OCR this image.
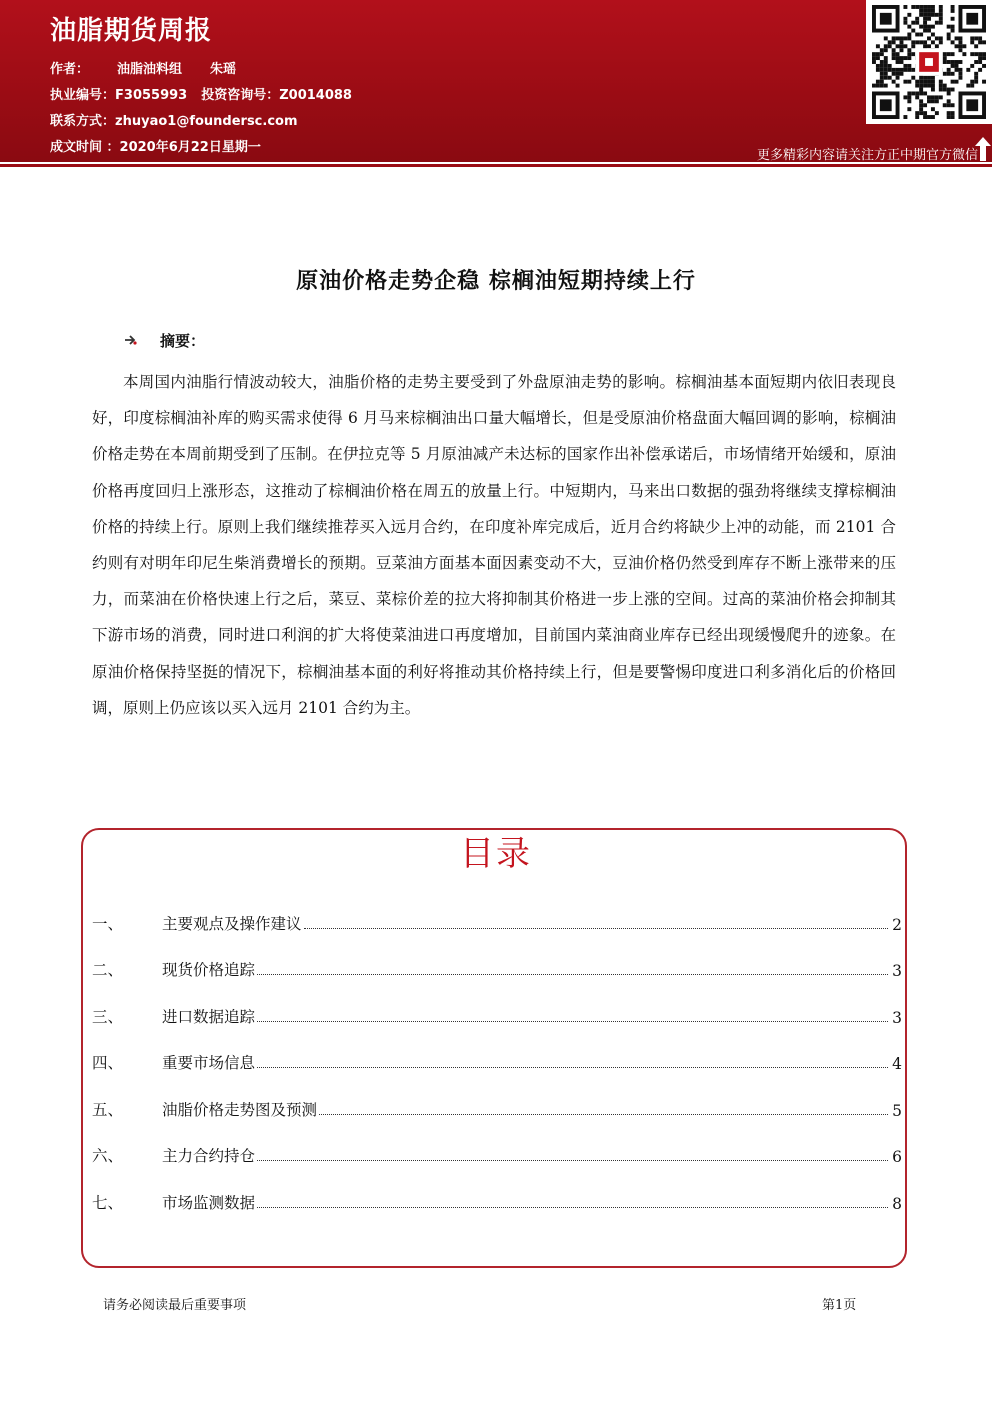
油脂期货周报
作者： 油脂油料组 朱瑶
执业编号：F3055993 投资咨询号：Z0014088
联系方式：zhuyao1@foundersc.com
成文时间 ：2020年6月22日星期一
更多精彩内容请关注方正中期官方微信
原油价格走势企稳 棕榈油短期持续上行
摘要：
本周国内油脂行情波动较大，油脂价格的走势主要受到了外盘原油走势的影响。棕榈油基本面短期内依旧表现良好，印度棕榈油补库的购买需求使得 6 月马来棕榈油出口量大幅增长，但是受原油价格盘面大幅回调的影响，棕榈油价格走势在本周前期受到了压制。在伊拉克等 5 月原油减产未达标的国家作出补偿承诺后，市场情绪开始缓和，原油价格再度回归上涨形态，这推动了棕榈油价格在周五的放量上行。中短期内，马来出口数据的强劲将继续支撑棕榈油价格的持续上行。原则上我们继续推荐买入远月合约，在印度补库完成后，近月合约将缺少上冲的动能，而 2101 合约则有对明年印尼生柴消费增长的预期。豆菜油方面基本面因素变动不大，豆油价格仍然受到库存不断上涨带来的压力，而菜油在价格快速上行之后，菜豆、菜棕价差的拉大将抑制其价格进一步上涨的空间。过高的菜油价格会抑制其下游市场的消费，同时进口利润的扩大将使菜油进口再度增加，目前国内菜油商业库存已经出现缓慢爬升的迹象。在原油价格保持坚挺的情况下，棕榈油基本面的利好将推动其价格持续上行，但是要警惕印度进口利多消化后的价格回调，原则上仍应该以买入远月 2101 合约为主。
目录
一、	主要观点及操作建议	2
二、	现货价格追踪	3
三、	进口数据追踪	3
四、	重要市场信息	4
五、	油脂价格走势图及预测	5
六、	主力合约持仓	6
七、	市场监测数据	8
请务必阅读最后重要事项	第1页
